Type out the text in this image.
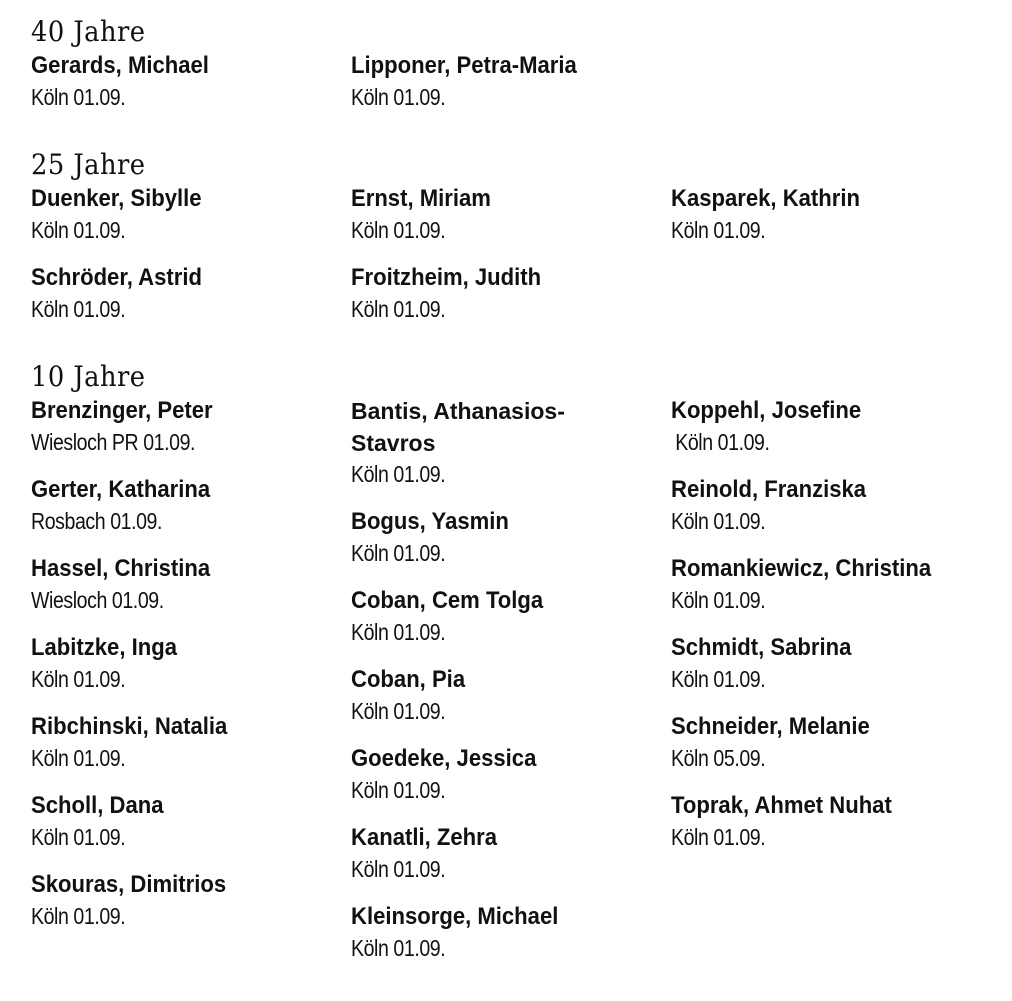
40 Jahre
Gerards, Michael
Köln 01.09.
Lipponer, Petra-Maria
Köln 01.09.
25 Jahre
Duenker, Sibylle
Köln 01.09.
Schröder, Astrid
Köln 01.09.
Ernst, Miriam
Köln 01.09.
Froitzheim, Judith
Köln 01.09.
Kasparek, Kathrin
Köln 01.09.
10 Jahre
Brenzinger, Peter
Wiesloch PR 01.09.
Gerter, Katharina
Rosbach 01.09.
Hassel, Christina
Wiesloch 01.09.
Labitzke, Inga
Köln 01.09.
Ribchinski, Natalia
Köln 01.09.
Scholl, Dana
Köln 01.09.
Skouras, Dimitrios
Köln 01.09.
Bantis, Athanasios-Stavros
Köln 01.09.
Bogus, Yasmin
Köln 01.09.
Coban, Cem Tolga
Köln 01.09.
Coban, Pia
Köln 01.09.
Goedeke, Jessica
Köln 01.09.
Kanatli, Zehra
Köln 01.09.
Kleinsorge, Michael
Köln 01.09.
Koppehl, Josefine
Köln 01.09.
Reinold, Franziska
Köln 01.09.
Romankiewicz, Christina
Köln 01.09.
Schmidt, Sabrina
Köln 01.09.
Schneider, Melanie
Köln 05.09.
Toprak, Ahmet Nuhat
Köln 01.09.
